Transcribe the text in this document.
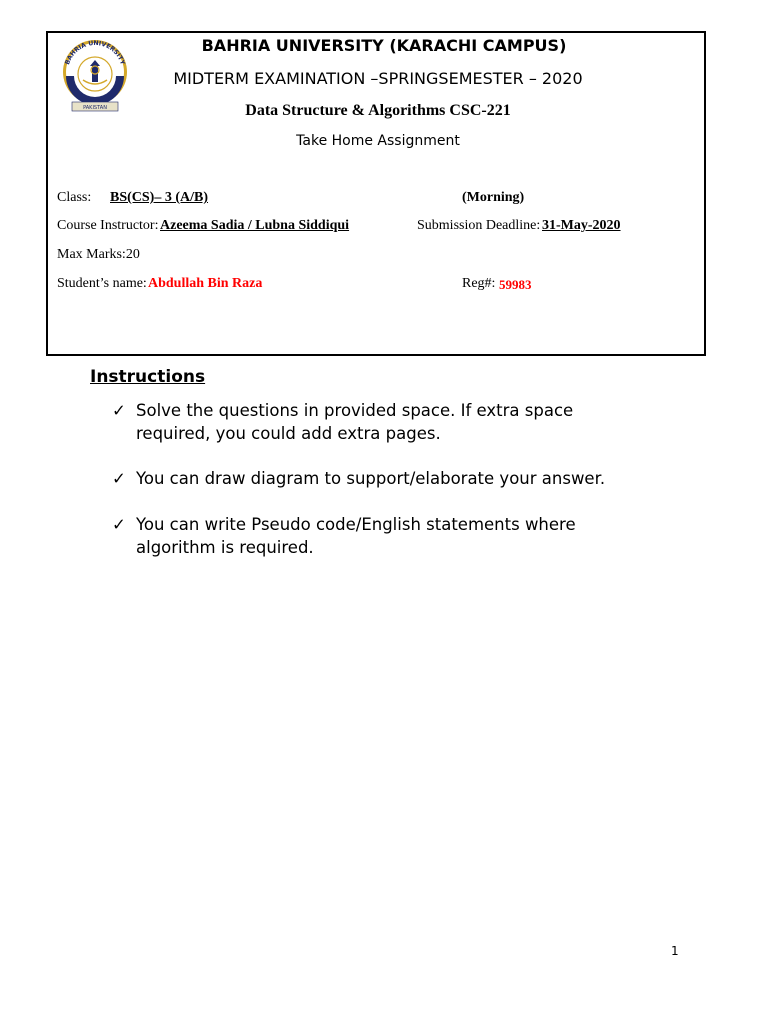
BAHRIA UNIVERSITY
PAKISTAN
BAHRIA UNIVERSITY (KARACHI CAMPUS)
MIDTERM EXAMINATION –SPRINGSEMESTER – 2020
Data Structure & Algorithms CSC-221
Take Home Assignment
Class: BS(CS)– 3 (A/B)	(Morning)
Course Instructor: Azeema Sadia / Lubna Siddiqui	Submission Deadline: 31-May-2020
Max Marks:20
Student’s name: Abdullah Bin Raza	Reg#: 59983
Instructions
✓ Solve the questions in provided space. If extra space required, you could add extra pages.
✓ You can draw diagram to support/elaborate your answer.
✓ You can write Pseudo code/English statements where algorithm is required.
1
